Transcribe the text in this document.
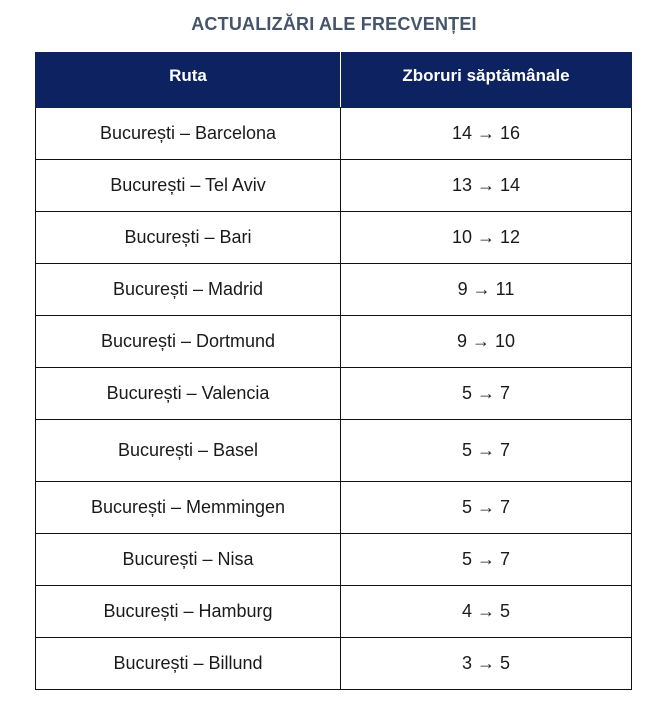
ACTUALIZĂRI ALE FRECVENȚEI
Ruta	Zboruri săptămânale
București – Barcelona	14 → 16
București – Tel Aviv	13 → 14
București – Bari	10 → 12
București – Madrid	9 → 11
București – Dortmund	9 → 10
București – Valencia	5 → 7
București – Basel	5 → 7
București – Memmingen	5 → 7
București – Nisa	5 → 7
București – Hamburg	4 → 5
București – Billund	3 → 5
